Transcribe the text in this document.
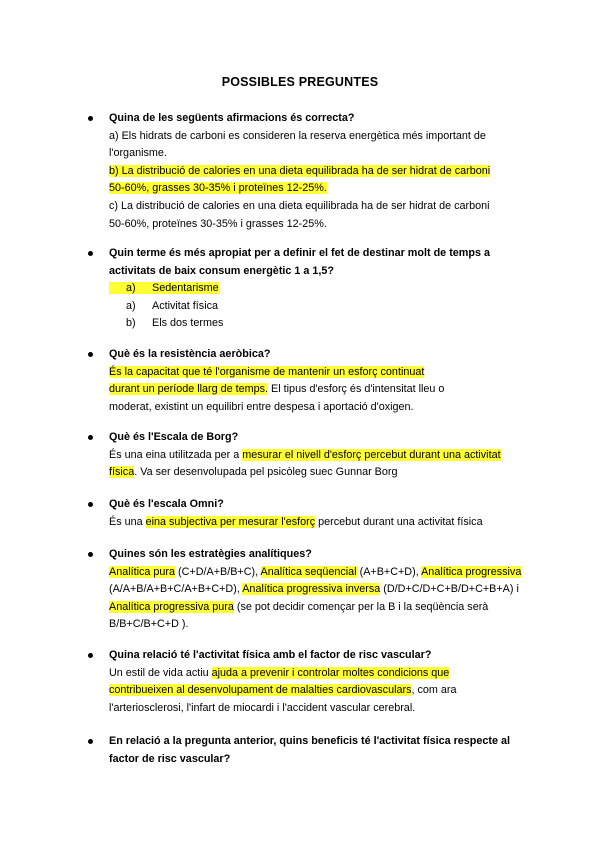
POSSIBLES PREGUNTES
Quina de les següents afirmacions és correcta?
a) Els hidrats de carboni es consideren la reserva energètica més important de
l'organisme.
b) La distribució de calories en una dieta equilibrada ha de ser hidrat de carboni
50-60%, grasses 30-35% i proteïnes 12-25%.
c) La distribució de calories en una dieta equilibrada ha de ser hidrat de carboni
50-60%, proteïnes 30-35% i grasses 12-25%.
Quin terme és més apropiat per a definir el fet de destinar molt de temps a
activitats de baix consum energètic 1 a 1,5?
a) Sedentarisme
a) Activitat física
b) Els dos termes
Què és la resistència aeròbica?
És la capacitat que té l'organisme de mantenir un esforç continuat
durant un període llarg de temps. El tipus d'esforç és d'intensitat lleu o
moderat, existint un equilibri entre despesa i aportació d'oxigen.
Què és l'Escala de Borg?
És una eina utilitzada per a mesurar el nivell d'esforç percebut durant una activitat
física. Va ser desenvolupada pel psicòleg suec Gunnar Borg
Què és l'escala Omni?
És una eina subjectiva per mesurar l'esforç percebut durant una activitat física
Quines són les estratègies analítiques?
Analítica pura (C+D/A+B/B+C), Analítica seqüencial (A+B+C+D), Analítica progressiva
(A/A+B/A+B+C/A+B+C+D), Analítica progressiva inversa (D/D+C/D+C+B/D+C+B+A) i
Analítica progressiva pura (se pot decidir començar per la B i la seqüència serà
B/B+C/B+C+D ).
Quina relació té l'activitat física amb el factor de risc vascular?
Un estil de vida actiu ajuda a prevenir i controlar moltes condicions que
contribueixen al desenvolupament de malalties cardiovasculars, com ara
l'arteriosclerosi, l'infart de miocardi i l'accident vascular cerebral.
En relació a la pregunta anterior, quins beneficis té l'activitat física respecte al
factor de risc vascular?
